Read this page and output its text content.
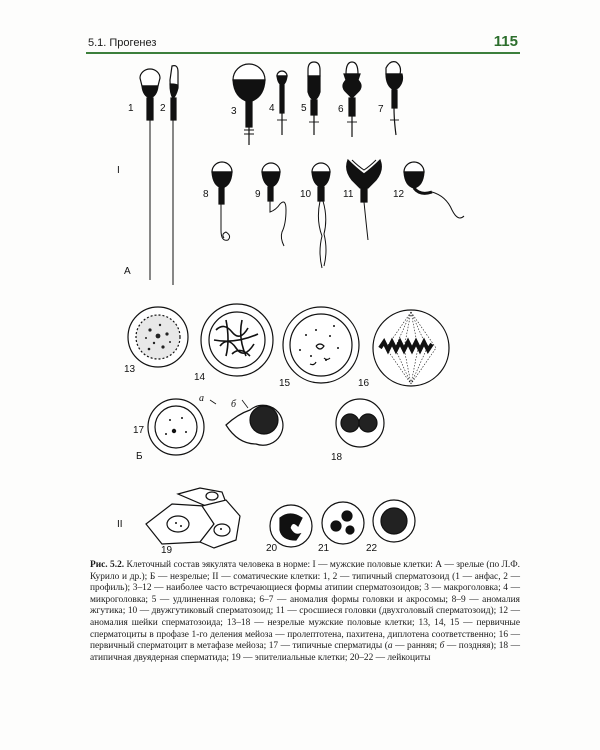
5.1. Прогенез	115
1	2	3	4	5	6	7
8	9	10	11	12
I
А
13
14
15	16
17
а
б
18
Б
II
19	20	21	22
Рис. 5.2. Клеточный состав эякулята человека в норме: I — мужские половые клетки: А — зрелые (по Л.Ф. Курило и др.); Б — незрелые; II — соматические клетки: 1, 2 — типичный сперматозоид (1 — анфас, 2 — профиль); 3–12 — наиболее часто встречающиеся формы атипии сперматозоидов; 3 — макроголовка; 4 — микроголовка; 5 — удлиненная головка; 6–7 — аномалия формы головки и акросомы; 8–9 — аномалия жгутика; 10 — двужгутиковый сперматозоид; 11 — сросшиеся головки (двухголовый сперматозоид); 12 — аномалия шейки сперматозоида; 13–18 — незрелые мужские половые клетки; 13, 14, 15 — первичные сперматоциты в профазе 1-го деления мейоза — пролептотена, пахитена, диплотена соответственно; 16 — первичный сперматоцит в метафазе мейоза; 17 — типичные сперматиды (а — ранняя; б — поздняя); 18 — атипичная двуядерная сперматида; 19 — эпителиальные клетки; 20–22 — лейкоциты
